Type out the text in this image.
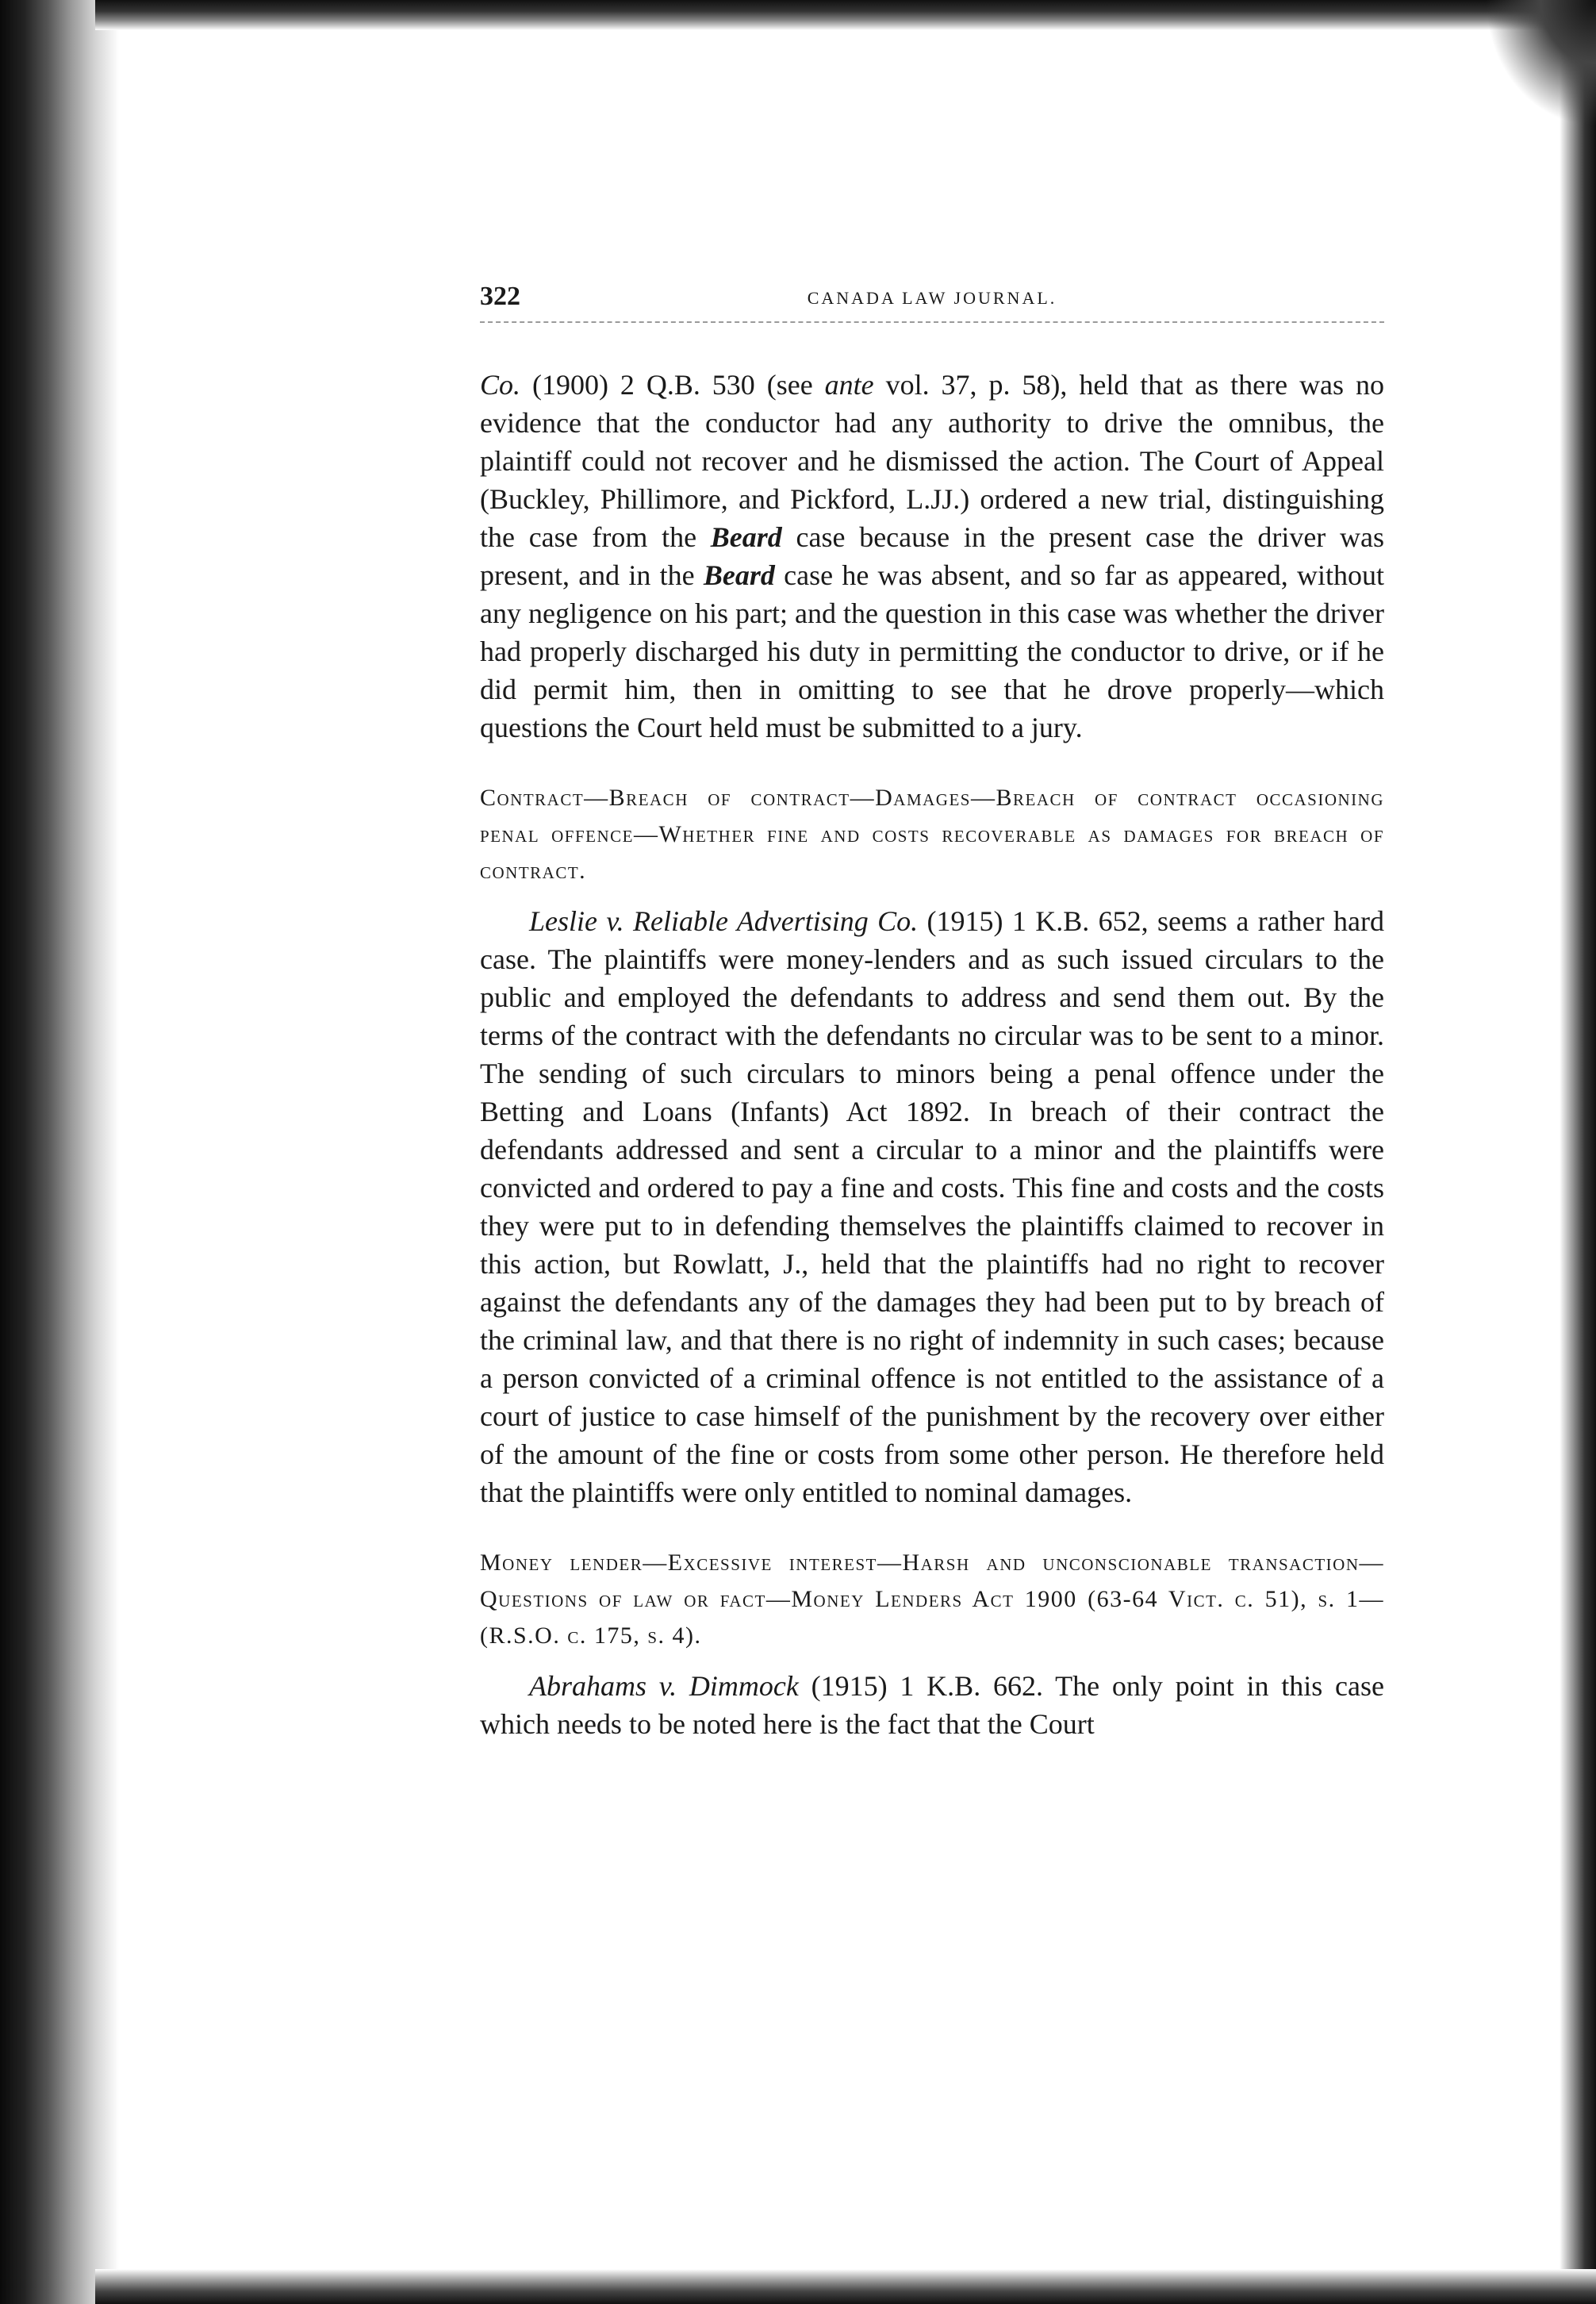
322	CANADA LAW JOURNAL.

Co. (1900) 2 Q.B. 530 (see ante vol. 37, p. 58), held that as there was no evidence that the conductor had any authority to drive the omnibus, the plaintiff could not recover and he dismissed the action. The Court of Appeal (Buckley, Phillimore, and Pickford, L.JJ.) ordered a new trial, distinguishing the case from the Beard case because in the present case the driver was present, and in the Beard case he was absent, and so far as appeared, without any negligence on his part; and the question in this case was whether the driver had properly discharged his duty in permitting the conductor to drive, or if he did permit him, then in omitting to see that he drove properly—which questions the Court held must be submitted to a jury.

Contract—Breach of contract—Damages—Breach of contract occasioning penal offence—Whether fine and costs recoverable as damages for breach of contract.

Leslie v. Reliable Advertising Co. (1915) 1 K.B. 652, seems a rather hard case. The plaintiffs were money-lenders and as such issued circulars to the public and employed the defendants to address and send them out. By the terms of the contract with the defendants no circular was to be sent to a minor. The sending of such circulars to minors being a penal offence under the Betting and Loans (Infants) Act 1892. In breach of their contract the defendants addressed and sent a circular to a minor and the plaintiffs were convicted and ordered to pay a fine and costs. This fine and costs and the costs they were put to in defending themselves the plaintiffs claimed to recover in this action, but Rowlatt, J., held that the plaintiffs had no right to recover against the defendants any of the damages they had been put to by breach of the criminal law, and that there is no right of indemnity in such cases; because a person convicted of a criminal offence is not entitled to the assistance of a court of justice to case himself of the punishment by the recovery over either of the amount of the fine or costs from some other person. He therefore held that the plaintiffs were only entitled to nominal damages.

Money lender—Excessive interest—Harsh and unconscionable transaction—Questions of law or fact—Money Lenders Act 1900 (63-64 Vict. c. 51), s. 1—(R.S.O. c. 175, s. 4).

Abrahams v. Dimmock (1915) 1 K.B. 662. The only point in this case which needs to be noted here is the fact that the Court
